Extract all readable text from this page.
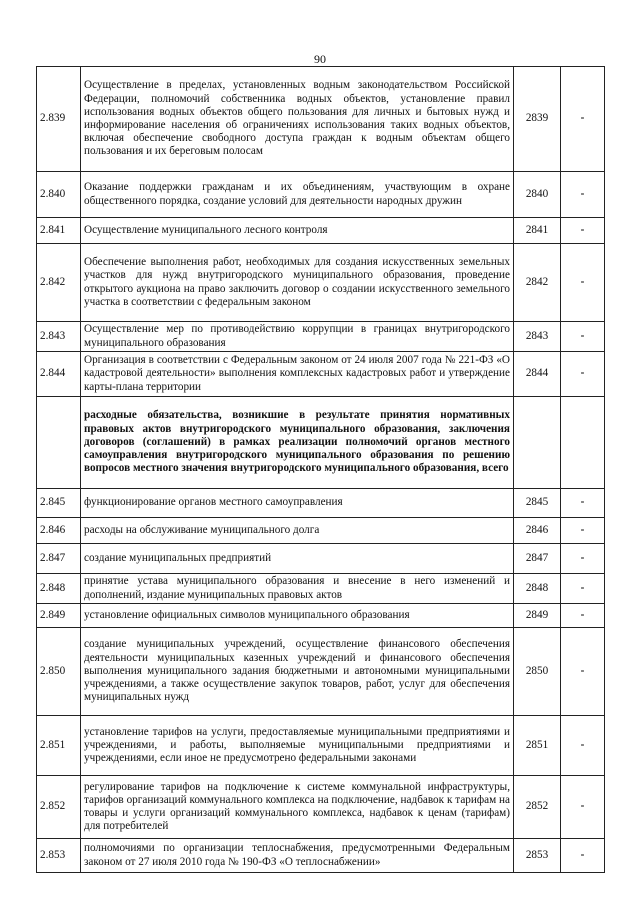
90
2.839	Осуществление в пределах, установленных водным законодательством Российской Федерации, полномочий собственника водных объектов, установление правил использования водных объектов общего пользования для личных и бытовых нужд и информирование населения об ограничениях использования таких водных объектов, включая обеспечение свободного доступа граждан к водным объектам общего пользования и их береговым полосам	2839	-
2.840	Оказание поддержки гражданам и их объединениям, участвующим в охране общественного порядка, создание условий для деятельности народных дружин	2840	-
2.841	Осуществление муниципального лесного контроля	2841	-
2.842	Обеспечение выполнения работ, необходимых для создания искусственных земельных участков для нужд внутригородского муниципального образования, проведение открытого аукциона на право заключить договор о создании искусственного земельного участка в соответствии с федеральным законом	2842	-
2.843	Осуществление мер по противодействию коррупции в границах внутригородского муниципального образования	2843	-
2.844	Организация в соответствии с Федеральным законом от 24 июля 2007 года № 221-ФЗ «О кадастровой деятельности» выполнения комплексных кадастровых работ и утверждение карты-плана территории	2844	-
	расходные обязательства, возникшие в результате принятия нормативных правовых актов внутригородского муниципального образования, заключения договоров (соглашений) в рамках реализации полномочий органов местного самоуправления внутригородского муниципального образования по решению вопросов местного значения внутригородского муниципального образования, всего		
2.845	функционирование органов местного самоуправления	2845	-
2.846	расходы на обслуживание муниципального долга	2846	-
2.847	создание муниципальных предприятий	2847	-
2.848	принятие устава муниципального образования и внесение в него изменений и дополнений, издание муниципальных правовых актов	2848	-
2.849	установление официальных символов муниципального образования	2849	-
2.850	создание муниципальных учреждений, осуществление финансового обеспечения деятельности муниципальных казенных учреждений и финансового обеспечения выполнения муниципального задания бюджетными и автономными муниципальными учреждениями, а также осуществление закупок товаров, работ, услуг для обеспечения муниципальных нужд	2850	-
2.851	установление тарифов на услуги, предоставляемые муниципальными предприятиями и учреждениями, и работы, выполняемые муниципальными предприятиями и учреждениями, если иное не предусмотрено федеральными законами	2851	-
2.852	регулирование тарифов на подключение к системе коммунальной инфраструктуры, тарифов организаций коммунального комплекса на подключение, надбавок к тарифам на товары и услуги организаций коммунального комплекса, надбавок к ценам (тарифам) для потребителей	2852	-
2.853	полномочиями по организации теплоснабжения, предусмотренными Федеральным законом от 27 июля 2010 года № 190-ФЗ «О теплоснабжении»	2853	-
